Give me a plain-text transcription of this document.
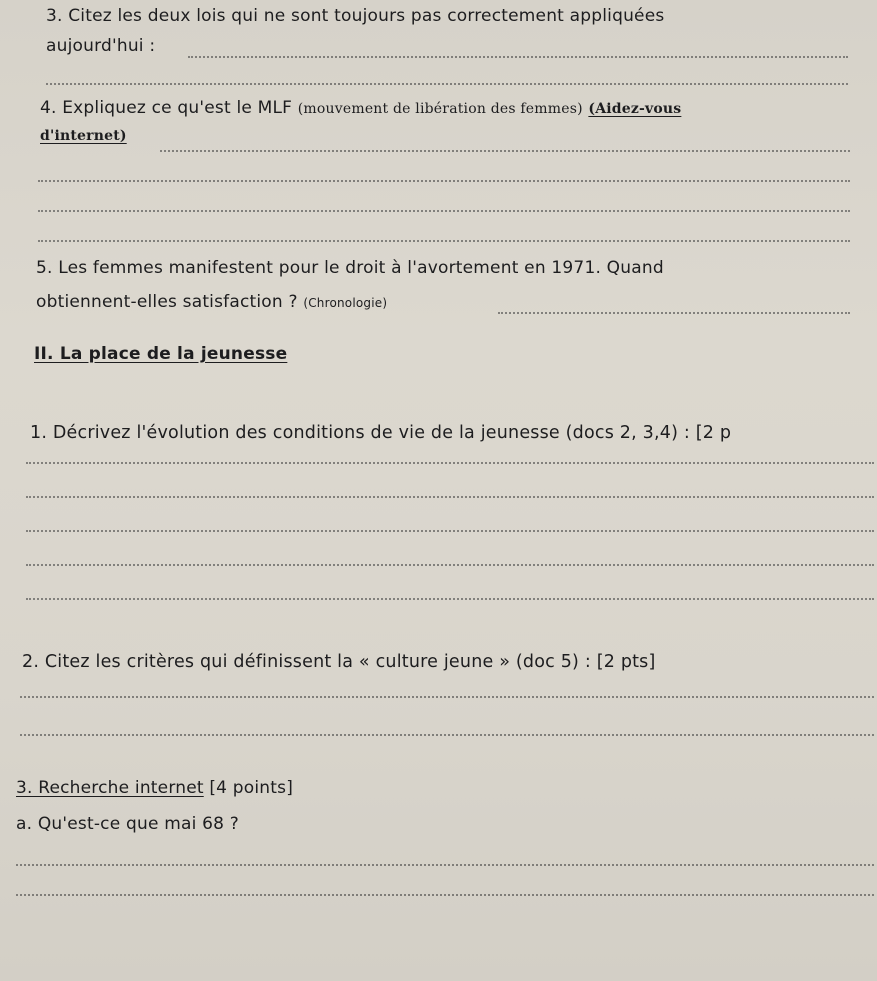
3. Citez les deux lois qui ne sont toujours pas correctement appliquées
aujourd'hui :
4. Expliquez ce qu'est le MLF (mouvement de libération des femmes) (Aidez-vous
d'internet)
5. Les femmes manifestent pour le droit à l'avortement en 1971. Quand
obtiennent-elles satisfaction ? (Chronologie)
II. La place de la jeunesse
1. Décrivez l'évolution des conditions de vie de la jeunesse (docs 2, 3,4) : [2 p
2. Citez les critères qui définissent la « culture jeune » (doc 5) : [2 pts]
3. Recherche internet [4 points]
a. Qu'est-ce que mai 68 ?
